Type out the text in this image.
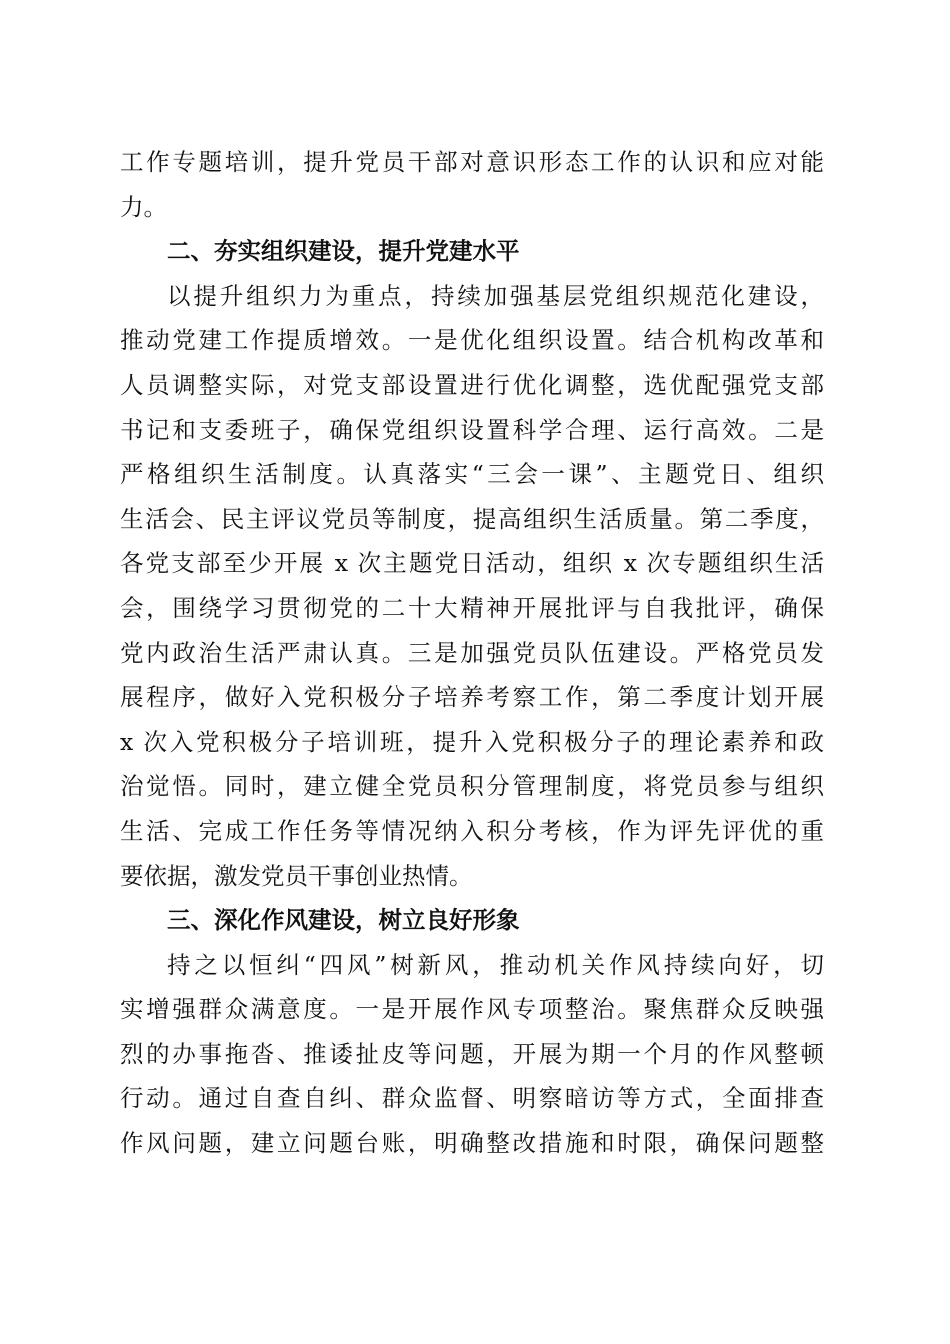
工作专题培训，提升党员干部对意识形态工作的认识和应对能
力。
二、夯实组织建设，提升党建水平
以提升组织力为重点，持续加强基层党组织规范化建设，
推动党建工作提质增效。一是优化组织设置。结合机构改革和
人员调整实际，对党支部设置进行优化调整，选优配强党支部
书记和支委班子，确保党组织设置科学合理、运行高效。二是
严格组织生活制度。认真落实“三会一课”、主题党日、组织
生活会、民主评议党员等制度，提高组织生活质量。第二季度，
各党支部至少开展 x 次主题党日活动，组织 x 次专题组织生活
会，围绕学习贯彻党的二十大精神开展批评与自我批评，确保
党内政治生活严肃认真。三是加强党员队伍建设。严格党员发
展程序，做好入党积极分子培养考察工作，第二季度计划开展
x 次入党积极分子培训班，提升入党积极分子的理论素养和政
治觉悟。同时，建立健全党员积分管理制度，将党员参与组织
生活、完成工作任务等情况纳入积分考核，作为评先评优的重
要依据，激发党员干事创业热情。
三、深化作风建设，树立良好形象
持之以恒纠“四风”树新风，推动机关作风持续向好，切
实增强群众满意度。一是开展作风专项整治。聚焦群众反映强
烈的办事拖沓、推诿扯皮等问题，开展为期一个月的作风整顿
行动。通过自查自纠、群众监督、明察暗访等方式，全面排查
作风问题，建立问题台账，明确整改措施和时限，确保问题整
